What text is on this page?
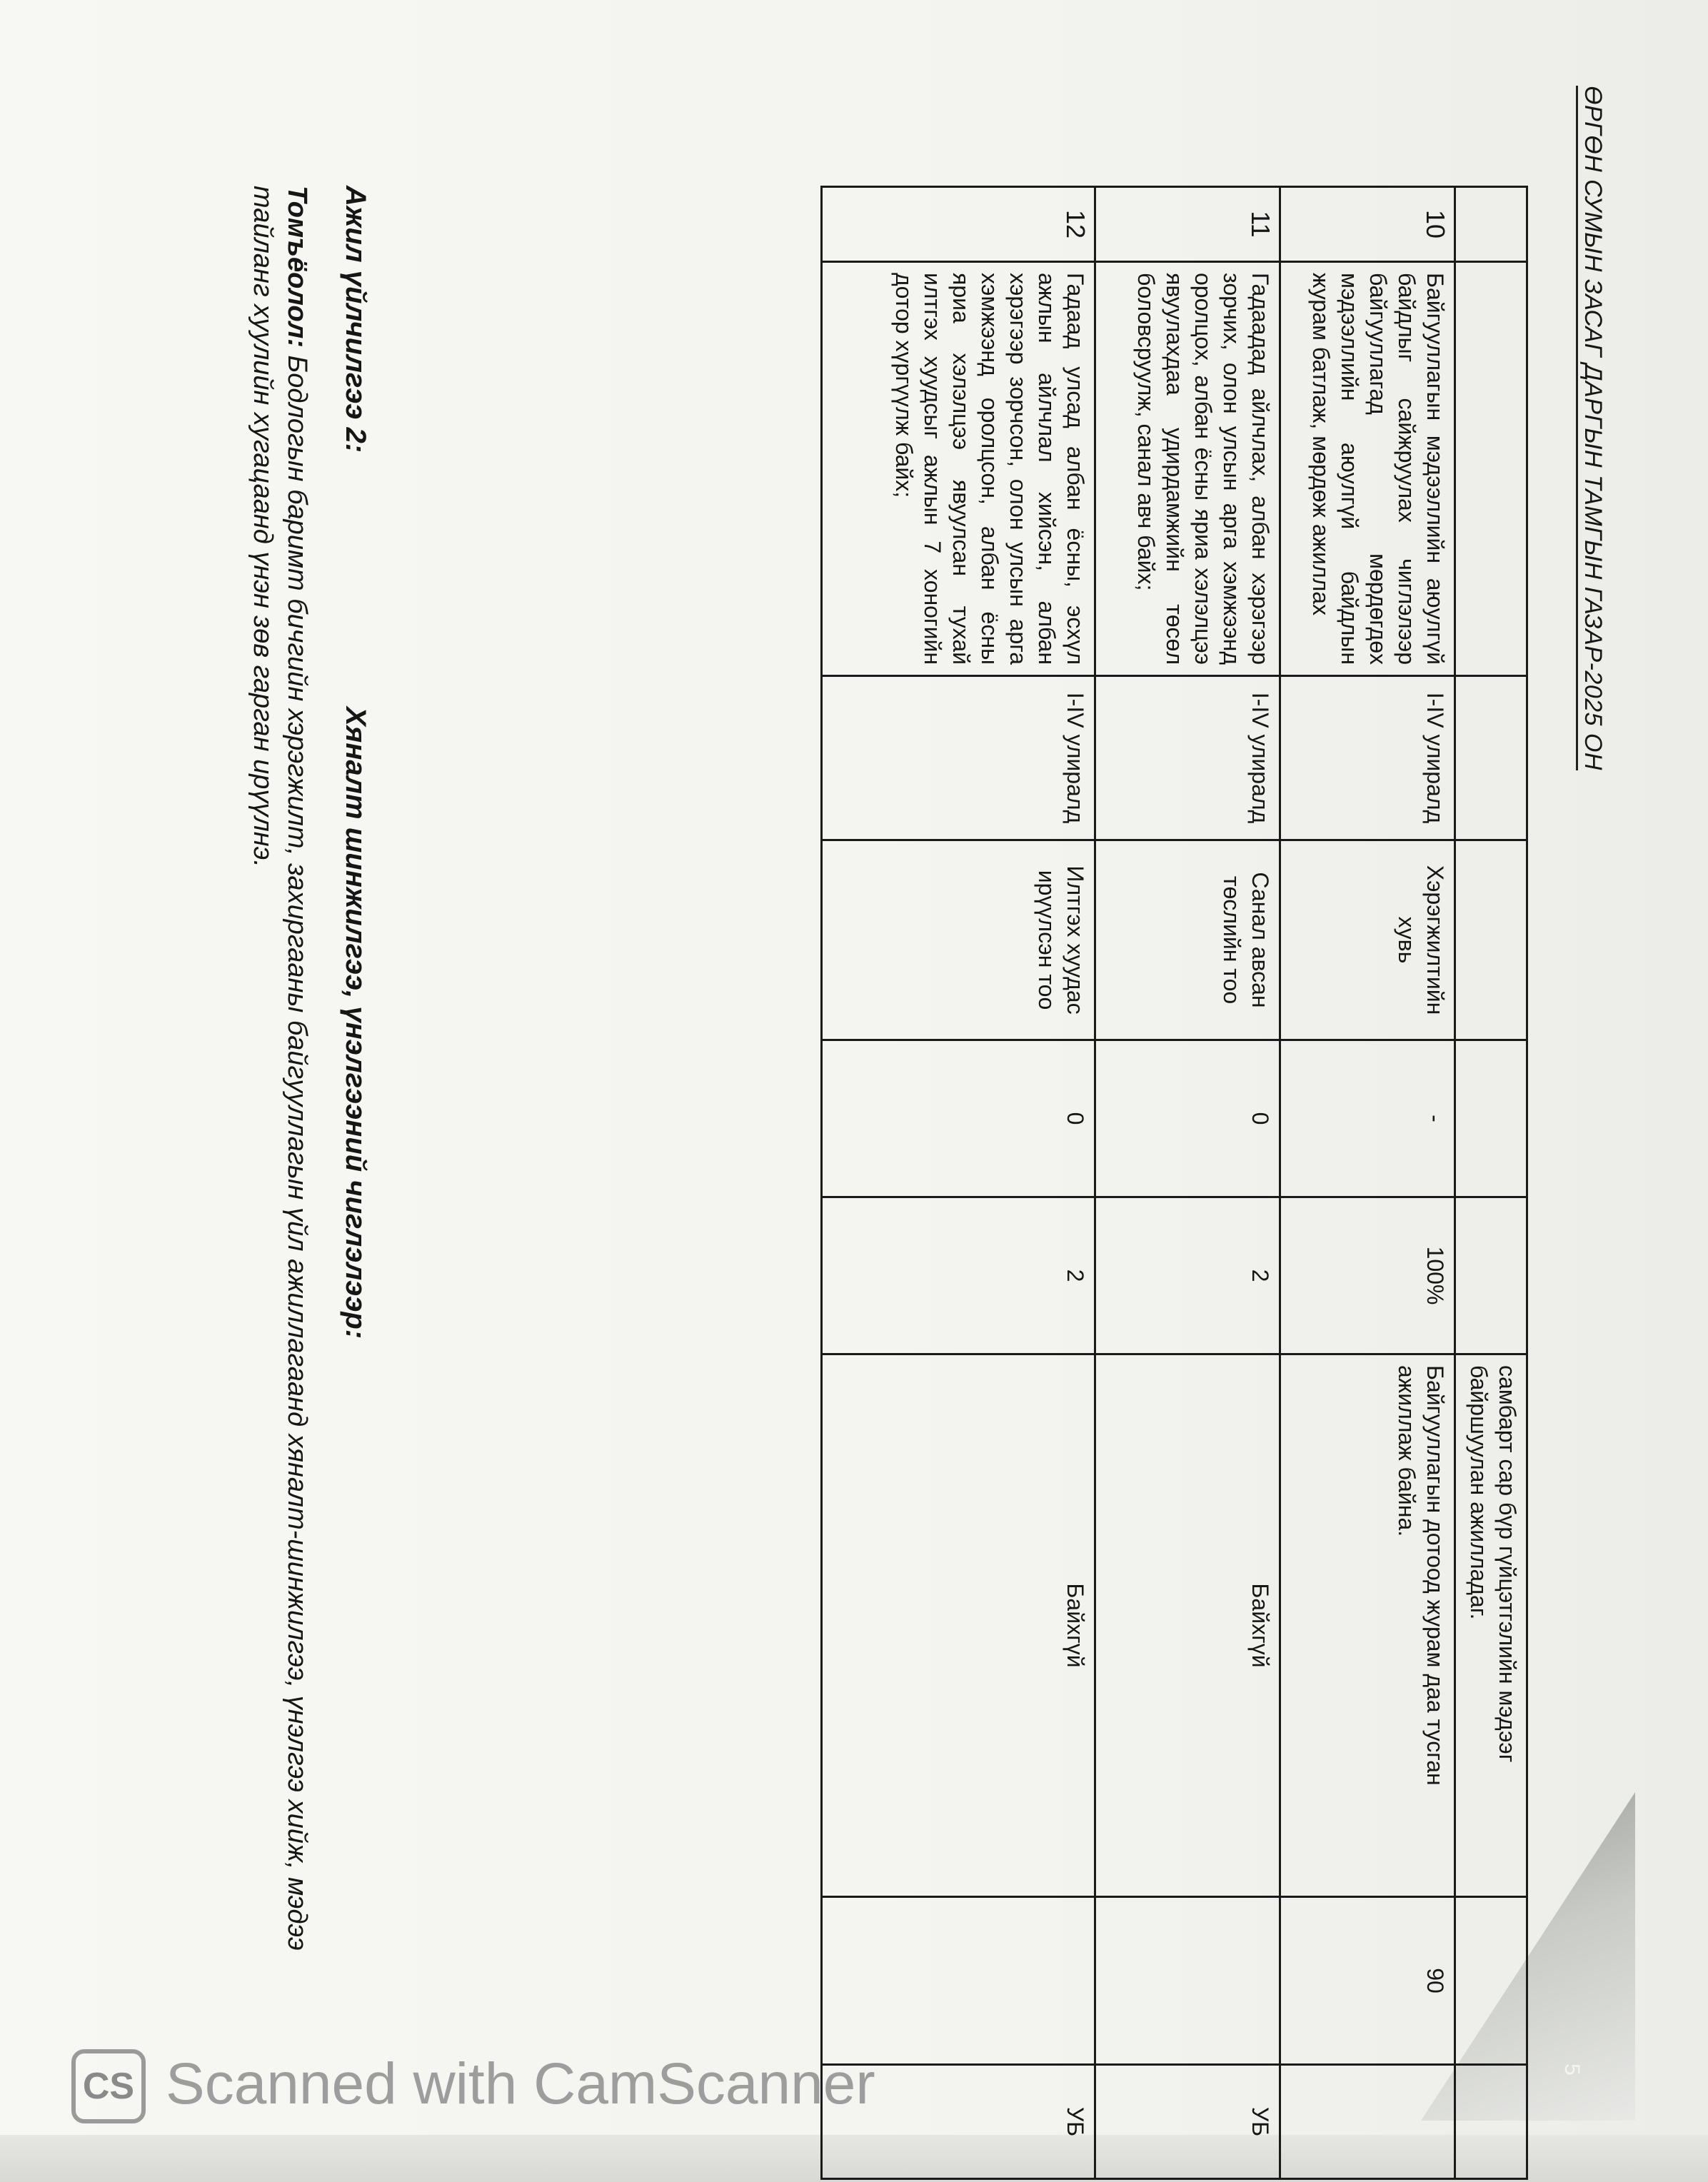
5
ӨРГӨН СУМЫН ЗАСАГ ДАРГЫН ТАМГЫН ГАЗАР-2025 ОН
						самбарт сар бүр гүйцэтгэлийн мэдээг байршуулан ажилладаг.		
10	Байгууллагын мэдээллийн аюулгүй байдлыг сайжруулах чиглэлээр байгууллагад мөрдөгдөх мэдээллийн аюулгүй байдлын журам батлаж, мөрдөж ажиллах	I-IV улиралд	Хэрэгжилтийн хувь	-	100%	Байгууллагын дотоод журам даа тусган ажиллаж байна.	90	
11	Гадаадад айлчлах, албан хэрэгээр зорчих, олон улсын арга хэмжээнд оролцох, албан ёсны яриа хэлэлцээ явуулахдаа удирдамжийн төсөл боловсруулж, санал авч байх;	I-IV улиралд	Санал авсан төслийн тоо	0	2	Байхгүй		УБ
12	Гадаад улсад албан ёсны, эсхүл ажлын айлчлал хийсэн, албан хэрэгээр зорчсон, олон улсын арга хэмжээнд оролцсон, албан ёсны яриа хэлэлцээ явуулсан тухай илтгэх хуудсыг ажлын 7 хоногийн дотор хүргүүлж байх;	I-IV улиралд	Илтгэх хуудас ирүүлсэн тоо	0	2	Байхгүй		УБ
Ажил үйлчилгээ 2:
Хяналт шинжилгээ, үнэлгээний чиглэлээр:
Томъёолол: Бодлогын баримт бичгийн хэрэгжилт, захиргааны байгууллагын үйл ажиллагаанд хяналт-шинжилгээ, үнэлгээ хийж, мэдээ тайланг хуулийн хугацаанд үнэн зөв гарган ирүүлнэ.
CS Scanned with CamScanner
